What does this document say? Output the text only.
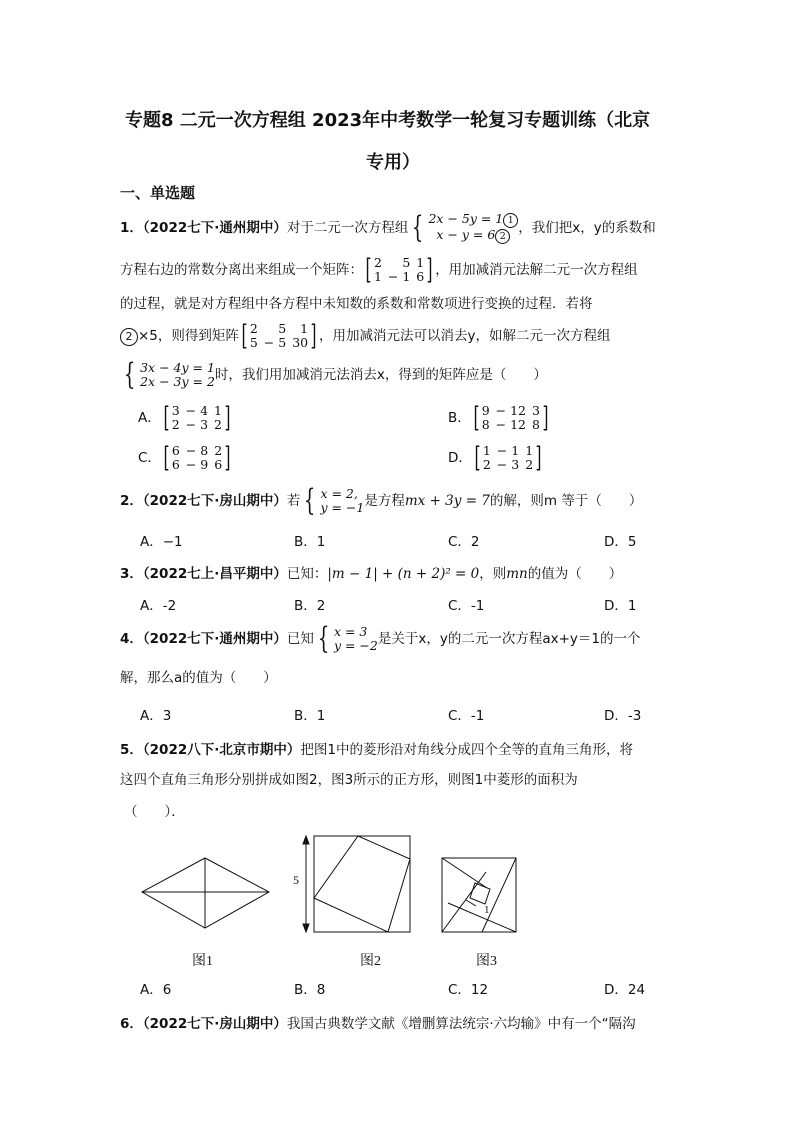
专题8 二元一次方程组 2023年中考数学一轮复习专题训练（北京
专用）
一、单选题
1．（2022七下·通州期中）对于二元一次方程组 { 2x − 5y = 1 1
x − y = 6 2
，我们把x，y的系数和
方程右边的常数分离出来组成一个矩阵： [ 2	5 1
1 − 1 6 ] ，用加减消元法解二元一次方程组
的过程，就是对方程组中各方程中未知数的系数和常数项进行变换的过程．若将
2 ×5，则得到矩阵 [ 2	5	1
5 − 5 30 ] ，用加减消元法可以消去y，如解二元一次方程组
{ 3x − 4y = 1
2x − 3y = 2 时，我们用加减消元法消去x，得到的矩阵应是（　　）
A． [ 3 − 4 1
2 − 3 2 ]	B． [ 9 − 12 3
8 − 12 8 ]
C． [ 6 − 8 2
6 − 9 6 ]	D． [ 1 − 1 1
2 − 3 2 ]
2．（2022七下·房山期中）若 { x = 2,
y = −1 是方程mx + 3y = 7的解，则m 等于（　　）
A．−1	B．1	C．2	D．5
3．（2022七上·昌平期中）已知：|m − 1| + (n + 2)² = 0，则mn的值为（　　）
A．-2	B．2	C．-1	D．1
4．（2022七下·通州期中）已知 { x = 3
y = −2 是关于x，y的二元一次方程ax+y＝1的一个
解，那么a的值为（　　）
A．3	B．1	C．-1	D．-3
5．（2022八下·北京市期中）把图1中的菱形沿对角线分成四个全等的直角三角形，将
这四个直角三角形分别拼成如图2，图3所示的正方形，则图1中菱形的面积为
（　　）．
5
1
图1	图2	图3
A．6	B．8	C．12	D．24
6．（2022七下·房山期中）我国古典数学文献《增删算法统宗·六均输》中有一个“隔沟
